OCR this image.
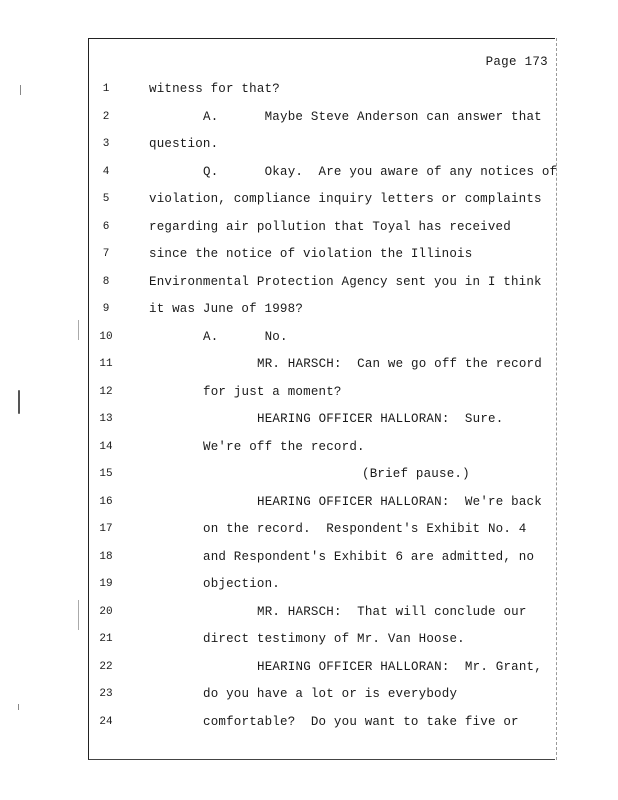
Page 173
1	witness for that?
2	A.      Maybe Steve Anderson can answer that
3	question.
4	Q.      Okay.  Are you aware of any notices of
5	violation, compliance inquiry letters or complaints
6	regarding air pollution that Toyal has received
7	since the notice of violation the Illinois
8	Environmental Protection Agency sent you in I think
9	it was June of 1998?
10	A.      No.
11	MR. HARSCH:  Can we go off the record
12	for just a moment?
13	HEARING OFFICER HALLORAN:  Sure.
14	We're off the record.
15	(Brief pause.)
16	HEARING OFFICER HALLORAN:  We're back
17	on the record.  Respondent's Exhibit No. 4
18	and Respondent's Exhibit 6 are admitted, no
19	objection.
20	MR. HARSCH:  That will conclude our
21	direct testimony of Mr. Van Hoose.
22	HEARING OFFICER HALLORAN:  Mr. Grant,
23	do you have a lot or is everybody
24	comfortable?  Do you want to take five or
